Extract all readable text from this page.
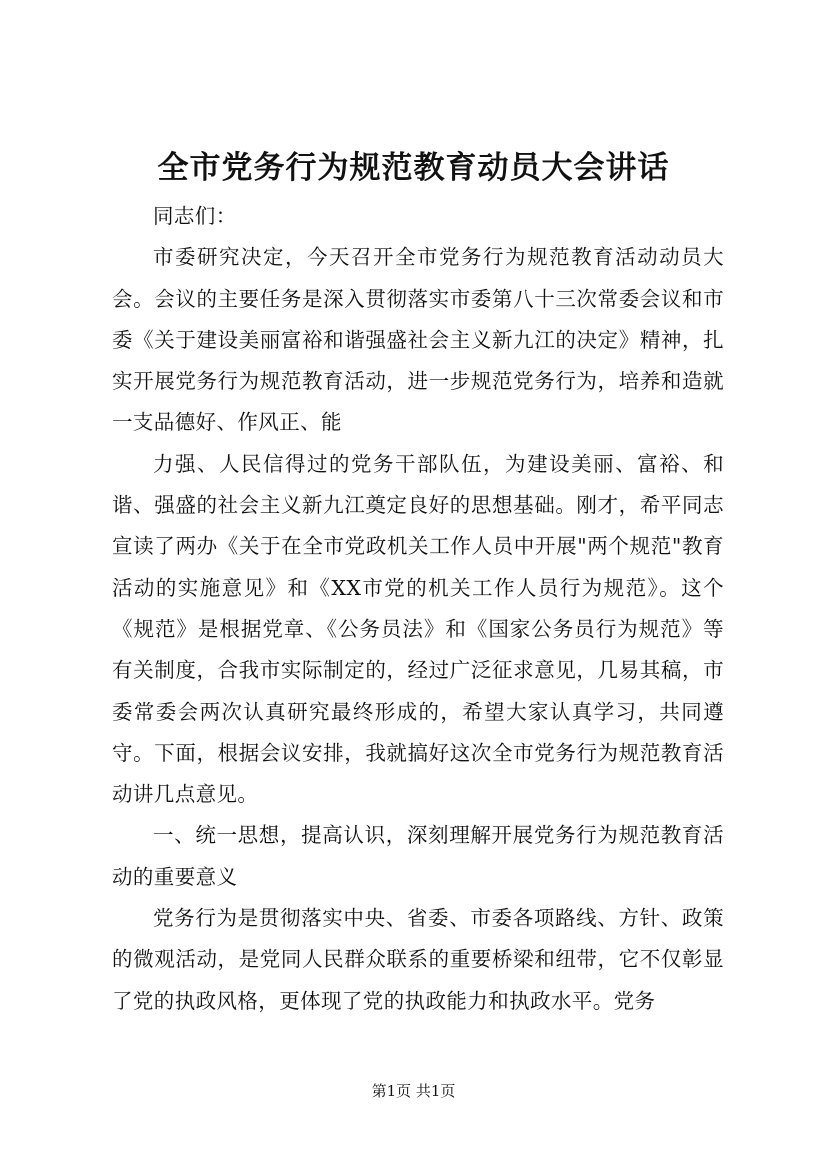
全市党务行为规范教育动员大会讲话

同志们：

市委研究决定，今天召开全市党务行为规范教育活动动员大会。会议的主要任务是深入贯彻落实市委第八十三次常委会议和市委《关于建设美丽富裕和谐强盛社会主义新九江的决定》精神，扎实开展党务行为规范教育活动，进一步规范党务行为，培养和造就一支品德好、作风正、能

力强、人民信得过的党务干部队伍，为建设美丽、富裕、和谐、强盛的社会主义新九江奠定良好的思想基础。刚才，希平同志宣读了两办《关于在全市党政机关工作人员中开展"两个规范"教育活动的实施意见》和《XX市党的机关工作人员行为规范》。这个《规范》是根据党章、《公务员法》和《国家公务员行为规范》等有关制度，合我市实际制定的，经过广泛征求意见，几易其稿，市委常委会两次认真研究最终形成的，希望大家认真学习，共同遵守。下面，根据会议安排，我就搞好这次全市党务行为规范教育活动讲几点意见。

一、统一思想，提高认识，深刻理解开展党务行为规范教育活动的重要意义

党务行为是贯彻落实中央、省委、市委各项路线、方针、政策的微观活动，是党同人民群众联系的重要桥梁和纽带，它不仅彰显了党的执政风格，更体现了党的执政能力和执政水平。党务

第1页 共1页
